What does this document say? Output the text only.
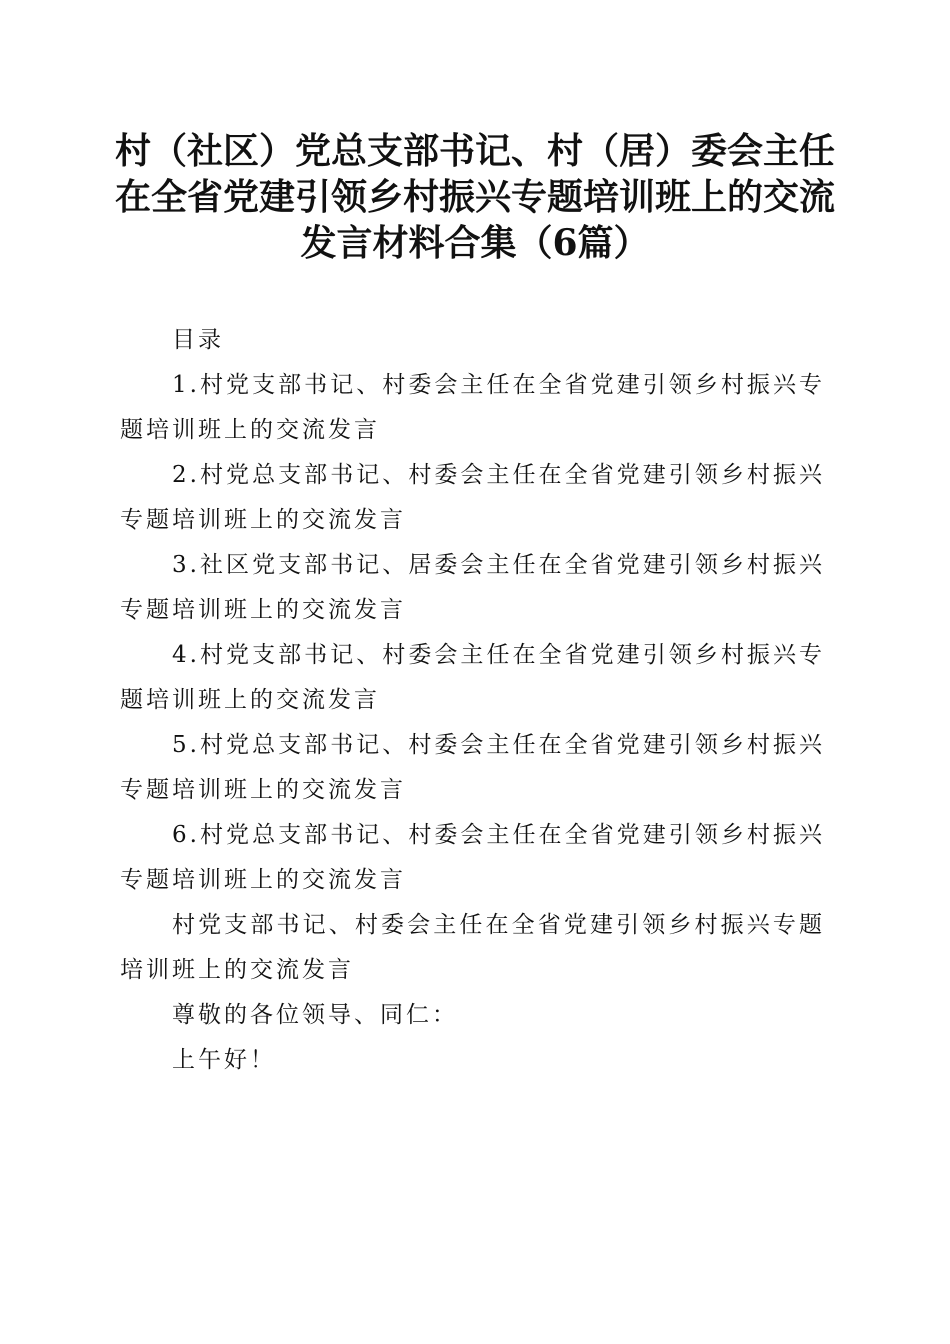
村（社区）党总支部书记、村（居）委会主任
在全省党建引领乡村振兴专题培训班上的交流
发言材料合集（6篇）

目录

1.村党支部书记、村委会主任在全省党建引领乡村振兴专题培训班上的交流发言

2.村党总支部书记、村委会主任在全省党建引领乡村振兴专题培训班上的交流发言

3.社区党支部书记、居委会主任在全省党建引领乡村振兴专题培训班上的交流发言

4.村党支部书记、村委会主任在全省党建引领乡村振兴专题培训班上的交流发言

5.村党总支部书记、村委会主任在全省党建引领乡村振兴专题培训班上的交流发言

6.村党总支部书记、村委会主任在全省党建引领乡村振兴专题培训班上的交流发言

村党支部书记、村委会主任在全省党建引领乡村振兴专题培训班上的交流发言

尊敬的各位领导、同仁：

上午好！
